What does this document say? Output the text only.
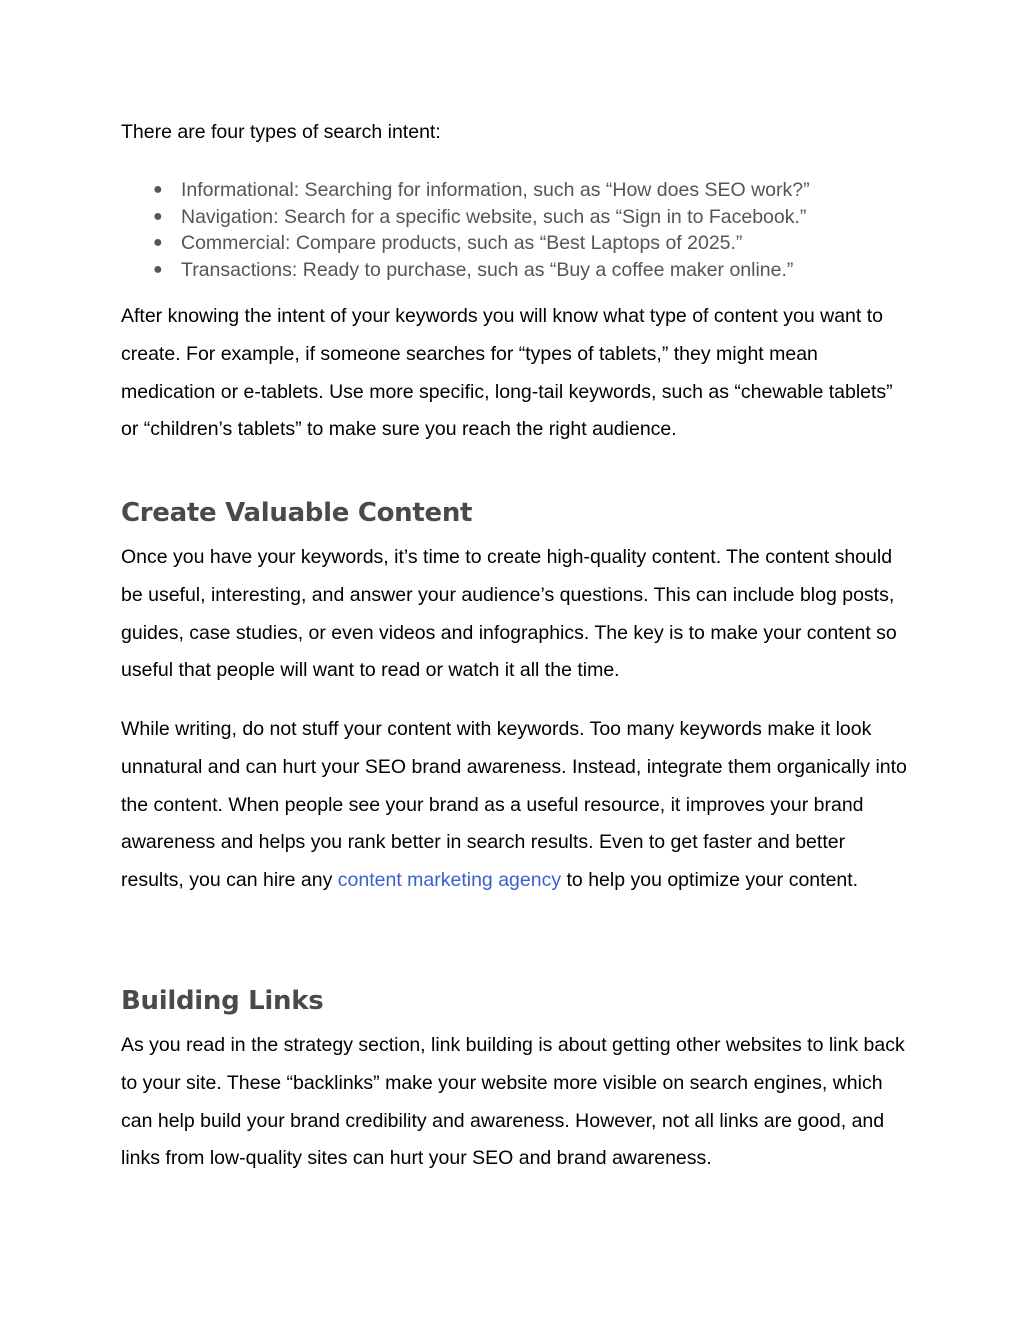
There are four types of search intent:

● Informational: Searching for information, such as “How does SEO work?”
● Navigation: Search for a specific website, such as “Sign in to Facebook.”
● Commercial: Compare products, such as “Best Laptops of 2025.”
● Transactions: Ready to purchase, such as “Buy a coffee maker online.”

After knowing the intent of your keywords you will know what type of content you want to create. For example, if someone searches for “types of tablets,” they might mean medication or e-tablets. Use more specific, long-tail keywords, such as “chewable tablets” or “children’s tablets” to make sure you reach the right audience.

Create Valuable Content

Once you have your keywords, it’s time to create high-quality content. The content should be useful, interesting, and answer your audience’s questions. This can include blog posts, guides, case studies, or even videos and infographics. The key is to make your content so useful that people will want to read or watch it all the time.

While writing, do not stuff your content with keywords. Too many keywords make it look unnatural and can hurt your SEO brand awareness. Instead, integrate them organically into the content. When people see your brand as a useful resource, it improves your brand awareness and helps you rank better in search results. Even to get faster and better results, you can hire any content marketing agency to help you optimize your content.

Building Links

As you read in the strategy section, link building is about getting other websites to link back to your site. These “backlinks” make your website more visible on search engines, which can help build your brand credibility and awareness. However, not all links are good, and links from low-quality sites can hurt your SEO and brand awareness.
